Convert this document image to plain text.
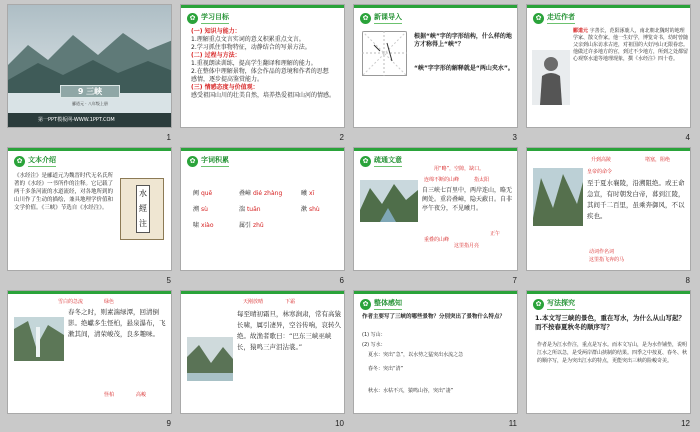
9 三峡
郦道元 · 八年级上册
第一PPT模板网-WWW.1PPT.COM
1
✿ 学习目标
(一) 知识与能力：
1.理解重点文言实词的意义积累重点文言。
2.学习抓住事物特征，动静结合的写景方法。
(二) 过程与方法：
1.重视朗读训练，提高学生翻译和理解的能力。
2.在整体中理解景物，体会作品的意境和作者的思想
感情，逐步提高鉴赏能力。
(三) 情感态度与价值观：
感受祖国山川的壮美自然，培养热爱祖国山河的情感。
2
✿ 新课导入
根据“峡”字的字形结构，什么样的地方才称得上“峡”？
“峡”字字形的解释就是“两山夹水”。
3
✿ 走近作者
郦道元 字善长，范阳涿鹿人，南北朝北魏时的地理学家、散文作家。他一生好学，博览奇书，幼时曾随父亲到山东访求古迹，对祖国的大好河山无限眷恋。他做过许多地方的官，到过不少地方，所到之处都留心观察水道等地理现象，撰《水经注》四十卷。
4
✿ 文本介绍
《水经注》是郦道元为魏晋时代无名氏所著的《水经》一书所作的注释。它记载了两千多条河流的水道流经，对各地所到的山川作了生动的描绘，兼具地理学价值和文学价值。《三峡》节选自《水经注》。
水經注
5
✿ 字词积累
阙 quē	叠嶂 dié zhàng	曦 xī
溯 sù	湍 tuān	漱 shù
啸 xiào	属引 zhǔ
6
✿ 疏通文意
用“略”，空隙，缺口。
连绵不断的山峰	指太阳
自三峡七百里中，两岸连山，略无阙处。重岩叠嶂，隐天蔽日。自非亭午夜分，不见曦月。
重叠的山峰
正午
这里指月亮
7
升到高陵	堵塞，阻绝
皇帝的命令
至于夏水襄陵，沿溯阻绝。或王命急宣，有时朝发白帝，暮到江陵，其间千二百里，虽乘奔御风，不以疾也。
动词作名词
这里指飞奔的马
8
雪白的急流	绿色
春冬之时，则素湍绿潭，回清倒影。绝巘多生怪柏，悬泉瀑布，飞漱其间，清荣峻茂，良多趣味。
怪柏	高峻
9
天刚放晴	下霜
每至晴初霜旦，林寒涧肃，常有高猿长啸，属引凄异，空谷传响，哀转久绝。故渔者歌曰：“巴东三峡巫峡长，猿鸣三声泪沾裳。”
10
✿ 整体感知
作者主要写了三峡的哪些景物？分别突出了景物什么特点？
(1) 写山：
(2) 写水：
夏水：突出“急”，以水势之猛突出水流之急
春冬：突出“清”
秋水：水枯不兴，猿鸣山谷，突出“凄”
11
✿ 写法探究
1.本文写三峡的景色，重在写水，为什么从山写起？而不按春夏秋冬的顺序写？
作者是为江水作注，重点是写水。而本文写山，是为水作铺垫，说明江水之所以急，是受两岸群山挟制的结果。四季之中按夏、春冬、秋的顺序写，是为突出江水的特点，更能突出三峡的险峻奇美。
12
